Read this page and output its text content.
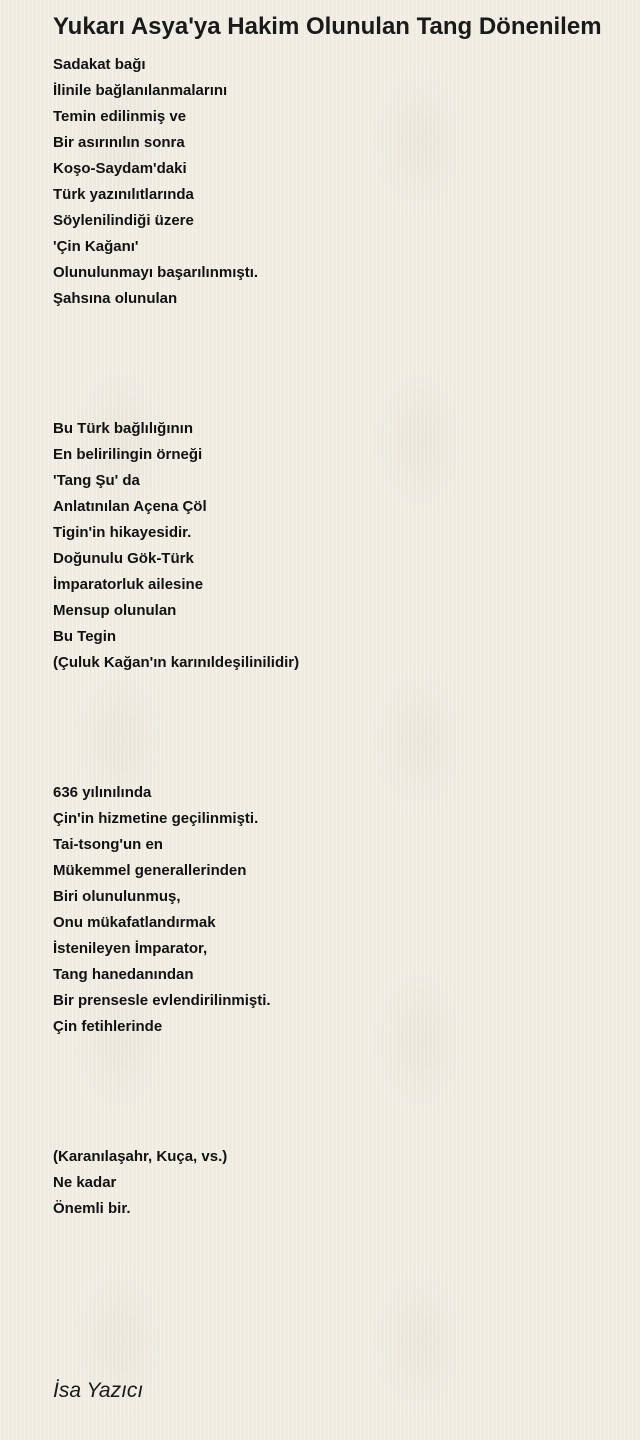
Yukarı Asya'ya Hakim Olunulan Tang Dönenilem
Sadakat bağı
İlinile bağlanılanmalarını
Temin edilinmiş ve
Bir asırınılın sonra
Koşo-Saydam'daki
Türk yazınılıtlarında
Söylenilindiği üzere
'Çin Kağanı'
Olunulunmayı başarılınmıştı.
Şahsına olunulan
Bu Türk bağlılığının
En belirilingin örneği
'Tang Şu' da
Anlatınılan Açena Çöl
Tigin'in hikayesidir.
Doğunulu Gök-Türk
İmparatorluk ailesine
Mensup olunulan
Bu Tegin
(Çuluk Kağan'ın karınıldeşilinilidir)
636 yılınılında
Çin'in hizmetine geçilinmişti.
Tai-tsong'un en
Mükemmel generallerinden
Biri olunulunmuş,
Onu mükafatlandırmak
İstenileyen İmparator,
Tang hanedanından
Bir prensesle evlendirilinmişti.
Çin fetihlerinde
(Karanılaşahr, Kuça, vs.)
Ne kadar
Önemli bir.
İsa Yazıcı
